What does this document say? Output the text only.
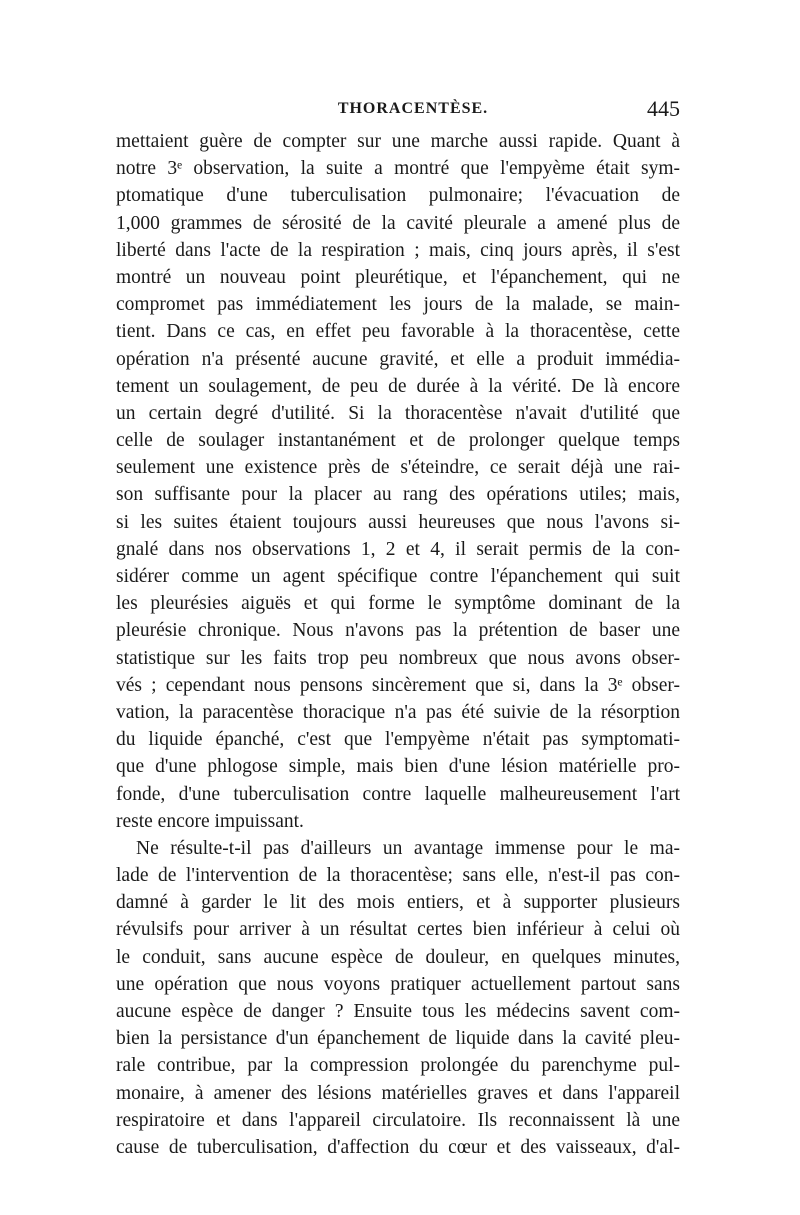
THORACENTÈSE.	445
mettaient guère de compter sur une marche aussi rapide. Quant à
notre 3ᵉ observation, la suite a montré que l'empyème était sym-
ptomatique d'une tuberculisation pulmonaire; l'évacuation de
1,000 grammes de sérosité de la cavité pleurale a amené plus de
liberté dans l'acte de la respiration ; mais, cinq jours après, il s'est
montré un nouveau point pleurétique, et l'épanchement, qui ne
compromet pas immédiatement les jours de la malade, se main-
tient. Dans ce cas, en effet peu favorable à la thoracentèse, cette
opération n'a présenté aucune gravité, et elle a produit immédia-
tement un soulagement, de peu de durée à la vérité. De là encore
un certain degré d'utilité. Si la thoracentèse n'avait d'utilité que
celle de soulager instantanément et de prolonger quelque temps
seulement une existence près de s'éteindre, ce serait déjà une rai-
son suffisante pour la placer au rang des opérations utiles; mais,
si les suites étaient toujours aussi heureuses que nous l'avons si-
gnalé dans nos observations 1, 2 et 4, il serait permis de la con-
sidérer comme un agent spécifique contre l'épanchement qui suit
les pleurésies aiguës et qui forme le symptôme dominant de la
pleurésie chronique. Nous n'avons pas la prétention de baser une
statistique sur les faits trop peu nombreux que nous avons obser-
vés ; cependant nous pensons sincèrement que si, dans la 3ᵉ obser-
vation, la paracentèse thoracique n'a pas été suivie de la résorption
du liquide épanché, c'est que l'empyème n'était pas symptomati-
que d'une phlogose simple, mais bien d'une lésion matérielle pro-
fonde, d'une tuberculisation contre laquelle malheureusement l'art
reste encore impuissant.
Ne résulte-t-il pas d'ailleurs un avantage immense pour le ma-
lade de l'intervention de la thoracentèse; sans elle, n'est-il pas con-
damné à garder le lit des mois entiers, et à supporter plusieurs
révulsifs pour arriver à un résultat certes bien inférieur à celui où
le conduit, sans aucune espèce de douleur, en quelques minutes,
une opération que nous voyons pratiquer actuellement partout sans
aucune espèce de danger ? Ensuite tous les médecins savent com-
bien la persistance d'un épanchement de liquide dans la cavité pleu-
rale contribue, par la compression prolongée du parenchyme pul-
monaire, à amener des lésions matérielles graves et dans l'appareil
respiratoire et dans l'appareil circulatoire. Ils reconnaissent là une
cause de tuberculisation, d'affection du cœur et des vaisseaux, d'al-
